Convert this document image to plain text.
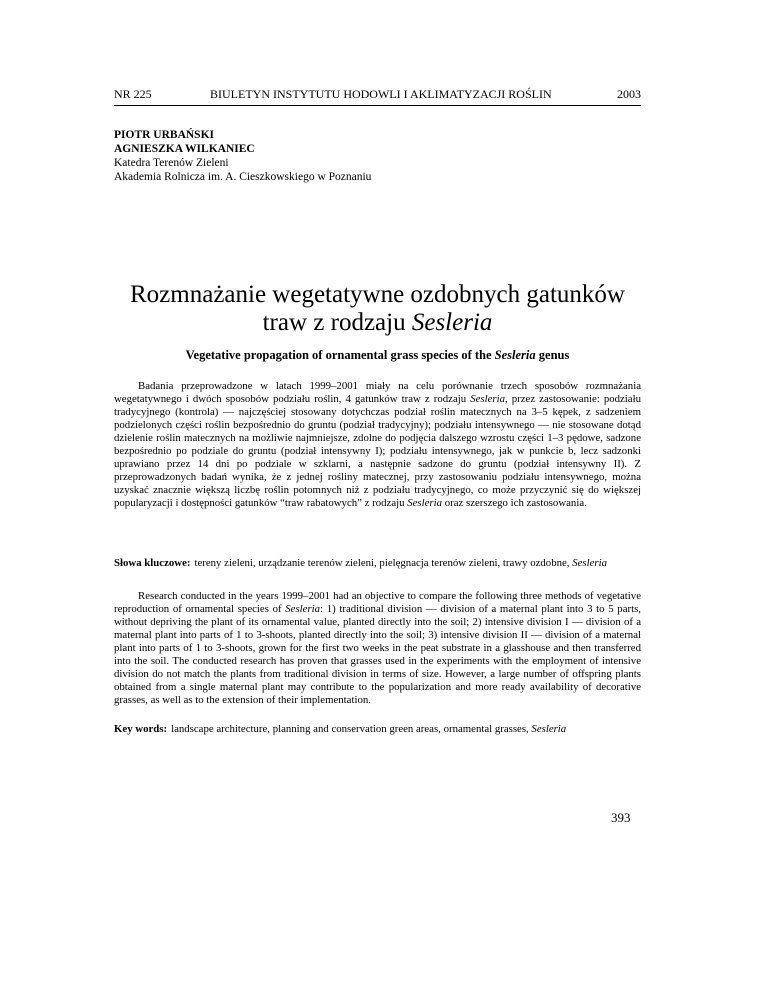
NR 225	BIULETYN INSTYTUTU HODOWLI I AKLIMATYZACJI ROŚLIN	2003
PIOTR URBAŃSKI
AGNIESZKA WILKANIEC
Katedra Terenów Zieleni
Akademia Rolnicza im. A. Cieszkowskiego w Poznaniu
Rozmnażanie wegetatywne ozdobnych gatunków
traw z rodzaju Sesleria
Vegetative propagation of ornamental grass species of the Sesleria genus
Badania przeprowadzone w latach 1999–2001 miały na celu porównanie trzech sposobów rozmnażania wegetatywnego i dwóch sposobów podziału roślin, 4 gatunków traw z rodzaju Sesleria, przez zastosowanie: podziału tradycyjnego (kontrola) — najczęściej stosowany dotychczas podział roślin matecznych na 3–5 kępek, z sadzeniem podzielonych części roślin bezpośrednio do gruntu (podział tradycyjny); podziału intensywnego — nie stosowane dotąd dzielenie roślin matecznych na możliwie najmniejsze, zdolne do podjęcia dalszego wzrostu części 1–3 pędowe, sadzone bezpośrednio po podziale do gruntu (podział intensywny I); podziału intensywnego, jak w punkcie b, lecz sadzonki uprawiano przez 14 dni po podziale w szklarni, a następnie sadzone do gruntu (podział intensywny II). Z przeprowadzonych badań wynika, że z jednej rośliny matecznej, przy zastosowaniu podziału intensywnego, można uzyskać znacznie większą liczbę roślin potomnych niż z podziału tradycyjnego, co może przyczynić się do większej popularyzacji i dostępności gatunków “traw rabatowych” z rodzaju Sesleria oraz szerszego ich zastosowania.
Słowa kluczowe: tereny zieleni, urządzanie terenów zieleni, pielęgnacja terenów zieleni, trawy ozdobne, Sesleria
Research conducted in the years 1999–2001 had an objective to compare the following three methods of vegetative reproduction of ornamental species of Sesleria: 1) traditional division — division of a maternal plant into 3 to 5 parts, without depriving the plant of its ornamental value, planted directly into the soil; 2) intensive division I — division of a maternal plant into parts of 1 to 3-shoots, planted directly into the soil; 3) intensive division II — division of a maternal plant into parts of 1 to 3-shoots, grown for the first two weeks in the peat substrate in a glasshouse and then transferred into the soil. The conducted research has proven that grasses used in the experiments with the employment of intensive division do not match the plants from traditional division in terms of size. However, a large number of offspring plants obtained from a single maternal plant may contribute to the popularization and more ready availability of decorative grasses, as well as to the extension of their implementation.
Key words: landscape architecture, planning and conservation green areas, ornamental grasses, Sesleria
393
